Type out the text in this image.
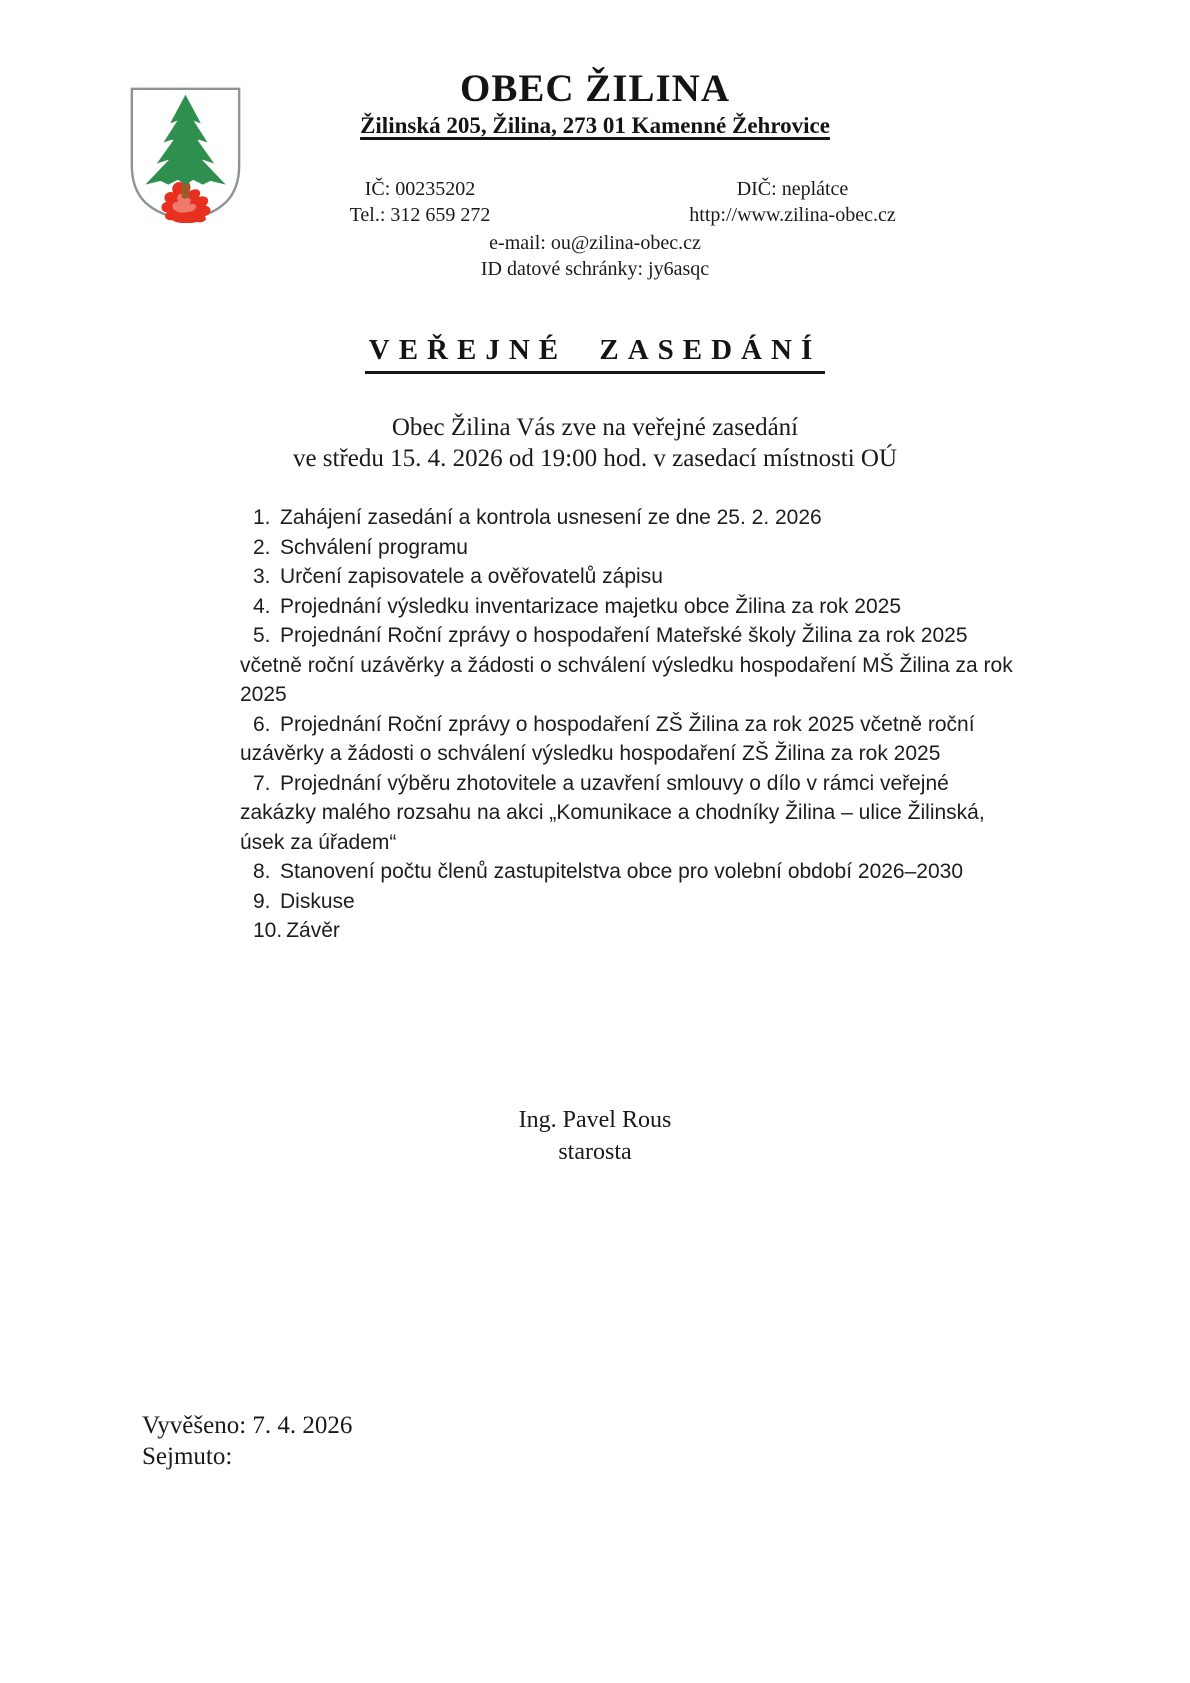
OBEC ŽILINA
Žilinská 205, Žilina, 273 01 Kamenné Žehrovice
IČ: 00235202
Tel.: 312 659 272
DIČ: neplátce
http://www.zilina-obec.cz
e-mail: ou@zilina-obec.cz
ID datové schránky: jy6asqc
VEŘEJNÉ ZASEDÁNÍ
Obec Žilina Vás zve na veřejné zasedání
ve středu 15. 4. 2026 od 19:00 hod. v zasedací místnosti OÚ
1. Zahájení zasedání a kontrola usnesení ze dne 25. 2. 2026
2. Schválení programu
3. Určení zapisovatele a ověřovatelů zápisu
4. Projednání výsledku inventarizace majetku obce Žilina za rok 2025
5. Projednání Roční zprávy o hospodaření Mateřské školy Žilina za rok 2025
včetně roční uzávěrky a žádosti o schválení výsledku hospodaření MŠ Žilina za rok
2025
6. Projednání Roční zprávy o hospodaření ZŠ Žilina za rok 2025 včetně roční
uzávěrky a žádosti o schválení výsledku hospodaření ZŠ Žilina za rok 2025
7. Projednání výběru zhotovitele a uzavření smlouvy o dílo v rámci veřejné
zakázky malého rozsahu na akci „Komunikace a chodníky Žilina – ulice Žilinská,
úsek za úřadem“
8. Stanovení počtu členů zastupitelstva obce pro volební období 2026–2030
9. Diskuse
10. Závěr
Ing. Pavel Rous
starosta
Vyvěšeno: 7. 4. 2026
Sejmuto:
